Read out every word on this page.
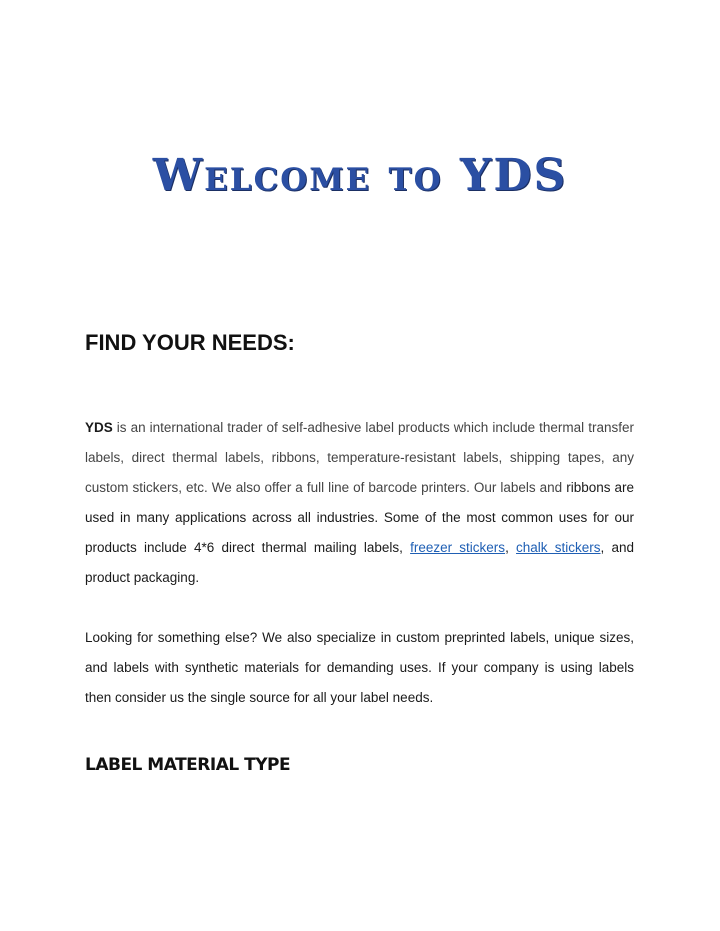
Welcome to YDS
FIND YOUR NEEDS:

YDS is an international trader of self-adhesive label products which include thermal transfer labels, direct thermal labels, ribbons, temperature-resistant labels, shipping tapes, any custom stickers, etc. We also offer a full line of barcode printers. Our labels and ribbons are used in many applications across all industries. Some of the most common uses for our products include 4*6 direct thermal mailing labels, freezer stickers, chalk stickers, and product packaging.

Looking for something else? We also specialize in custom preprinted labels, unique sizes, and labels with synthetic materials for demanding uses. If your company is using labels then consider us the single source for all your label needs.

LABEL MATERIAL TYPE
